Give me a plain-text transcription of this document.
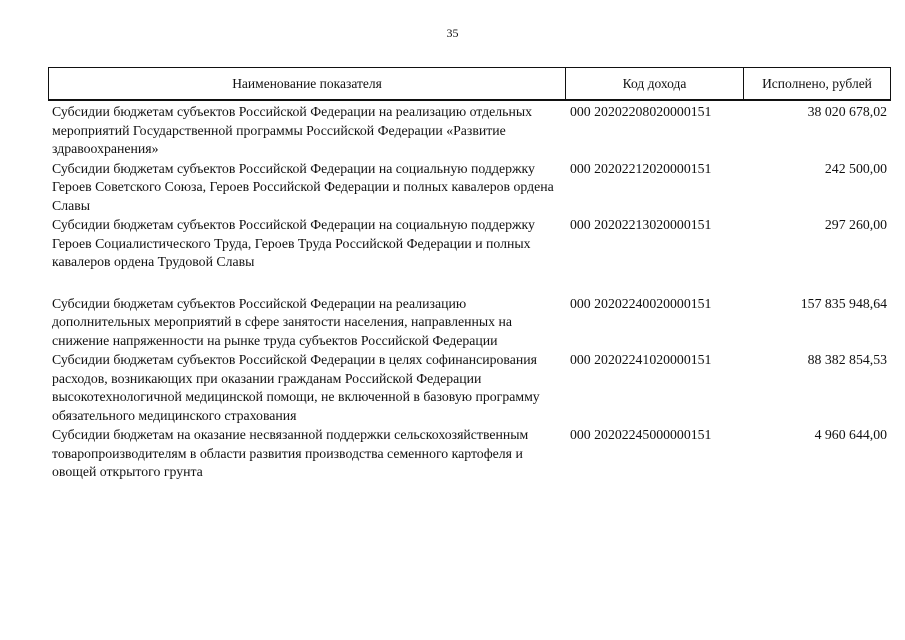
35
Наименование показателя	Код дохода	Исполнено, рублей
Субсидии бюджетам субъектов Российской Федерации на реализацию отдельных мероприятий Государственной программы Российской Федерации «Развитие здравоохранения»
000 20202208020000151	38 020 678,02
Субсидии бюджетам субъектов Российской Федерации на социальную поддержку Героев Советского Союза, Героев Российской Федерации и полных кавалеров ордена Славы
000 20202212020000151	242 500,00
Субсидии бюджетам субъектов Российской Федерации на социальную поддержку Героев Социалистического Труда, Героев Труда Российской Федерации и полных кавалеров ордена Трудовой Славы
000 20202213020000151	297 260,00
Субсидии бюджетам субъектов Российской Федерации на реализацию дополнительных мероприятий в сфере занятости населения, направленных на снижение напряженности на рынке труда субъектов Российской Федерации
000 20202240020000151	157 835 948,64
Субсидии бюджетам субъектов Российской Федерации в целях софинансирования расходов, возникающих при оказании гражданам Российской Федерации высокотехнологичной медицинской помощи, не включенной в базовую программу обязательного медицинского страхования
000 20202241020000151	88 382 854,53
Субсидии бюджетам на оказание несвязанной поддержки сельскохозяйственным товаропроизводителям в области развития производства семенного картофеля и овощей открытого грунта
000 20202245000000151	4 960 644,00
